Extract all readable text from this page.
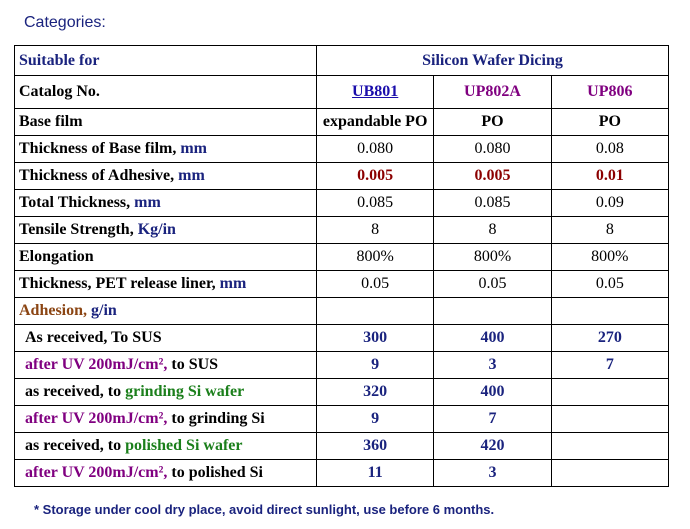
Categories:
Suitable for	Silicon Wafer Dicing		
Catalog No.	UB801	UP802A	UP806
Base film	expandable PO	PO	PO
Thickness of Base film, mm	0.080	0.080	0.08
Thickness of Adhesive, mm	0.005	0.005	0.01
Total Thickness, mm	0.085	0.085	0.09
Tensile Strength, Kg/in	8	8	8
Elongation	800%	800%	800%
Thickness, PET release liner, mm	0.05	0.05	0.05
Adhesion, g/in			
As received, To SUS	300	400	270
after UV 200mJ/cm², to SUS	9	3	7
as received, to grinding Si wafer	320	400	
after UV 200mJ/cm², to grinding Si	9	7	
as received, to polished Si wafer	360	420	
after UV 200mJ/cm², to polished Si	11	3	
* Storage under cool dry place, avoid direct sunlight, use before 6 months.
